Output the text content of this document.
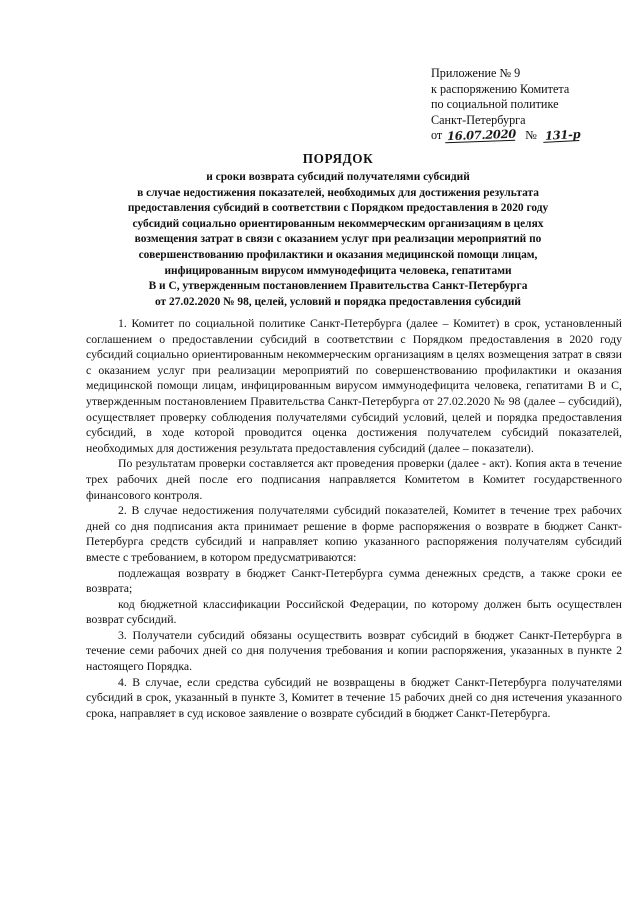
Приложение № 9
к распоряжению Комитета
по социальной политике
Санкт-Петербурга
от 16.07.2020 № 131-р
ПОРЯДОК
и сроки возврата субсидий получателями субсидий
в случае недостижения показателей, необходимых для достижения результата
предоставления субсидий в соответствии с Порядком предоставления в 2020 году
субсидий социально ориентированным некоммерческим организациям в целях
возмещения затрат в связи с оказанием услуг при реализации мероприятий по
совершенствованию профилактики и оказания медицинской помощи лицам,
инфицированным вирусом иммунодефицита человека, гепатитами
В и С, утвержденным постановлением Правительства Санкт-Петербурга
от 27.02.2020 № 98, целей, условий и порядка предоставления субсидий

1. Комитет по социальной политике Санкт-Петербурга (далее – Комитет) в срок, установленный соглашением о предоставлении субсидий в соответствии с Порядком предоставления в 2020 году субсидий социально ориентированным некоммерческим организациям в целях возмещения затрат в связи с оказанием услуг при реализации мероприятий по совершенствованию профилактики и оказания медицинской помощи лицам, инфицированным вирусом иммунодефицита человека, гепатитами В и С, утвержденным постановлением Правительства Санкт-Петербурга от 27.02.2020 № 98 (далее – субсидий), осуществляет проверку соблюдения получателями субсидий условий, целей и порядка предоставления субсидий, в ходе которой проводится оценка достижения получателем субсидий показателей, необходимых для достижения результата предоставления субсидий (далее – показатели).

По результатам проверки составляется акт проведения проверки (далее - акт). Копия акта в течение трех рабочих дней после его подписания направляется Комитетом в Комитет государственного финансового контроля.

2. В случае недостижения получателями субсидий показателей, Комитет в течение трех рабочих дней со дня подписания акта принимает решение в форме распоряжения о возврате в бюджет Санкт-Петербурга средств субсидий и направляет копию указанного распоряжения получателям субсидий вместе с требованием, в котором предусматриваются:

подлежащая возврату в бюджет Санкт-Петербурга сумма денежных средств, а также сроки ее возврата;

код бюджетной классификации Российской Федерации, по которому должен быть осуществлен возврат субсидий.

3. Получатели субсидий обязаны осуществить возврат субсидий в бюджет Санкт-Петербурга в течение семи рабочих дней со дня получения требования и копии распоряжения, указанных в пункте 2 настоящего Порядка.

4. В случае, если средства субсидий не возвращены в бюджет Санкт-Петербурга получателями субсидий в срок, указанный в пункте 3, Комитет в течение 15 рабочих дней со дня истечения указанного срока, направляет в суд исковое заявление о возврате субсидий в бюджет Санкт-Петербурга.
